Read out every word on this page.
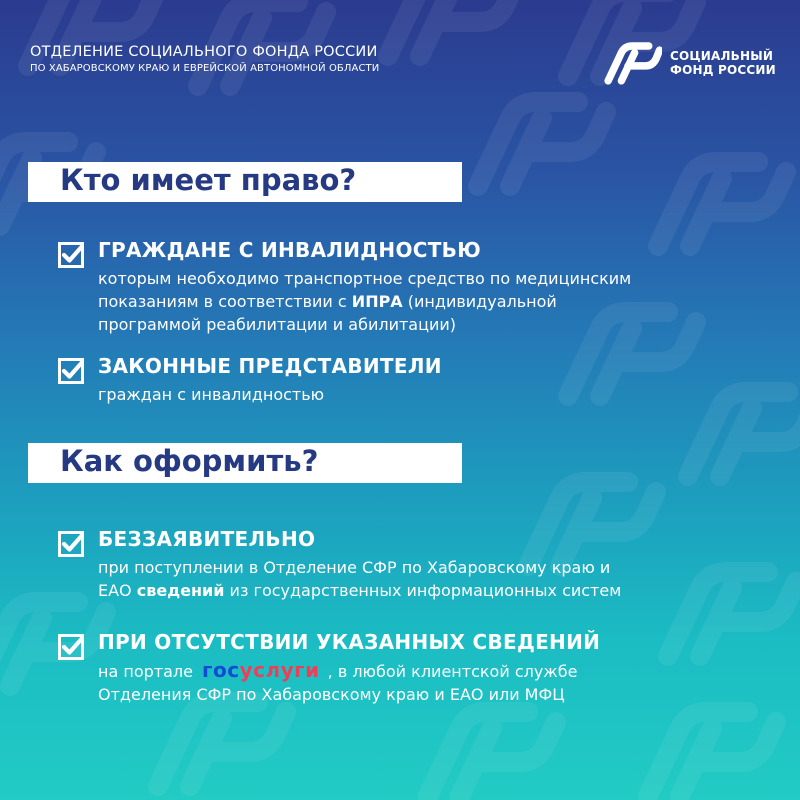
ОТДЕЛЕНИЕ СОЦИАЛЬНОГО ФОНДА РОССИИ
ПО ХАБАРОВСКОМУ КРАЮ И ЕВРЕЙСКОЙ АВТОНОМНОЙ ОБЛАСТИ
СОЦИАЛЬНЫЙ
ФОНД РОССИИ
Кто имеет право?
ГРАЖДАНЕ С ИНВАЛИДНОСТЬЮ
которым необходимо транспортное средство по медицинским
показаниям в соответствии с ИПРА (индивидуальной
программой реабилитации и абилитации)
ЗАКОННЫЕ ПРЕДСТАВИТЕЛИ
граждан с инвалидностью
Как оформить?
БЕЗЗАЯВИТЕЛЬНО
при поступлении в Отделение СФР по Хабаровскому краю и
ЕАО сведений из государственных информационных систем
ПРИ ОТСУТСТВИИ УКАЗАННЫХ СВЕДЕНИЙ
на портале госуслуги , в любой клиентской службе
Отделения СФР по Хабаровскому краю и ЕАО или МФЦ
